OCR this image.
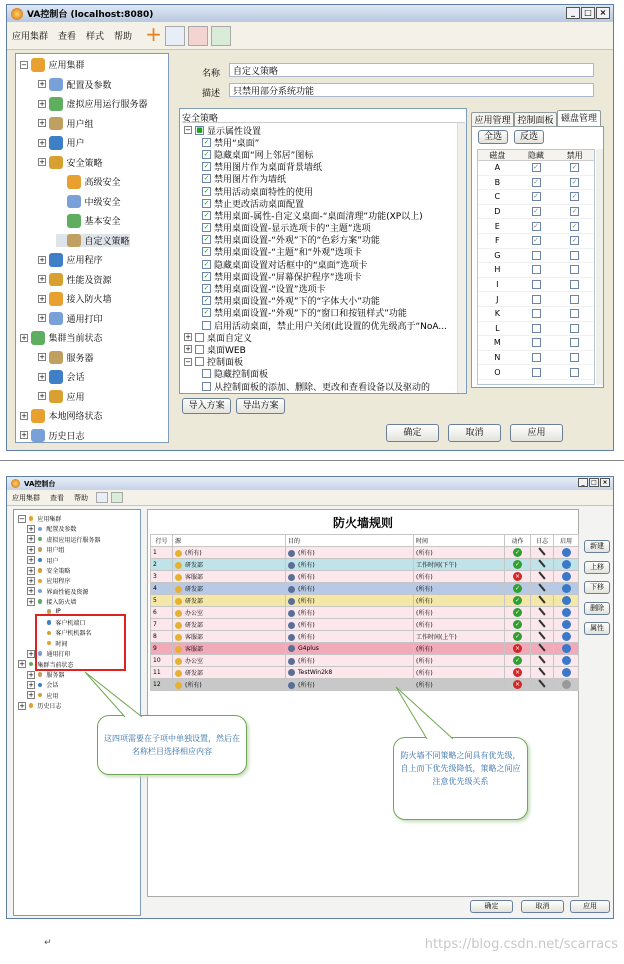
VA控制台 (localhost:8080)	_	□ ×
应用集群	查看	样式	帮助 +
− 应用集群
+ 配置及参数
+ 虚拟应用运行服务器
+ 用户组
+ 用户
+ 安全策略
高级安全
中级安全
基本安全
自定义策略
+ 应用程序
+ 性能及资源
+ 接入防火墙
+ 通用打印
+ 集群当前状态
+ 服务器
+ 会话
+ 应用
+ 本地网络状态
+ 历史日志
名称	自定义策略
描述	只禁用部分系统功能
安全策略
− ■ 显示属性设置
✓ 禁用“桌面”
✓ 隐藏桌面“网上邻居”图标
✓ 禁用图片作为桌面背景墙纸
✓ 禁用图片作为墙纸
✓ 禁用活动桌面特性的使用
✓ 禁止更改活动桌面配置
✓ 禁用桌面-属性-自定义桌面-“桌面清理”功能(XP以上)
✓ 禁用桌面设置-显示选项卡的“主题”选项
✓ 禁用桌面设置-“外观”下的“色彩方案”功能
✓ 禁用桌面设置-“主题”和“外观”选项卡
✓ 隐藏桌面设置对话框中的“桌面”选项卡
✓ 禁用桌面设置-“屏幕保护程序”选项卡
✓ 禁用桌面设置-“设置”选项卡
✓ 禁用桌面设置-“外观”下的“字体大小”功能
✓ 禁用桌面设置-“外观”下的“窗口和按钮样式”功能
启用活动桌面，禁止用户关闭(此设置的优先级高于“NoA...
+ 桌面自定义
+ 桌面WEB
− 控制面板
隐藏控制面板
从控制面板的添加、删除、更改和查看设备以及驱动的
应用管理 控制面板 磁盘管理
全选	反选
磁盘	隐藏	禁用
A	✓	✓
B	✓	✓
C	✓	✓
D	✓	✓
E	✓	✓
F	✓	✓
G
H
I
J
K
L
M
N
O
导入方案	导出方案
确定	取消	应用
VA控制台	_	□ ×
应用集群	查看	帮助
− 应用集群
+ 配置及参数
+ 虚拟应用运行服务器
+ 用户组
+ 用户
+ 安全策略
+ 应用程序
+ 界面性能及资源
+ 接入防火墙
IP
客户机端口
客户机机器名
时间
+ 通用打印
+ 集群当前状态
+ 服务器
+ 会话
+ 应用
+ 历史日志
防火墙规则
行号	源	目的	时间	动作	日志	启用
1	(所有)	(所有)	(所有)	✓		
2	研发部	(所有)	工作时间(下午)	✓		
3	客服部	(所有)	(所有)	×		
4	研发部	(所有)	(所有)	✓		
5	研发部	(所有)	(所有)	✓		
6	办公室	(所有)	(所有)	✓		
7	研发部	(所有)	(所有)	✓		
8	客服部	(所有)	工作时间(上午)	✓		
9	客服部	G4plus	(所有)	×		
10	办公室	(所有)	(所有)	✓		
11	研发部	TestWin2k8	(所有)	×		
12	(所有)	(所有)	(所有)	×		
新建
上移
下移
删除
属性
这四项需要在子项中单独设置，然后在名称栏目选择相应内容	防火墙不同策略之间具有优先级，自上而下优先级降低，策略之间应注意优先级关系
确定	取消	应用
↵	https://blog.csdn.net/scarracs
